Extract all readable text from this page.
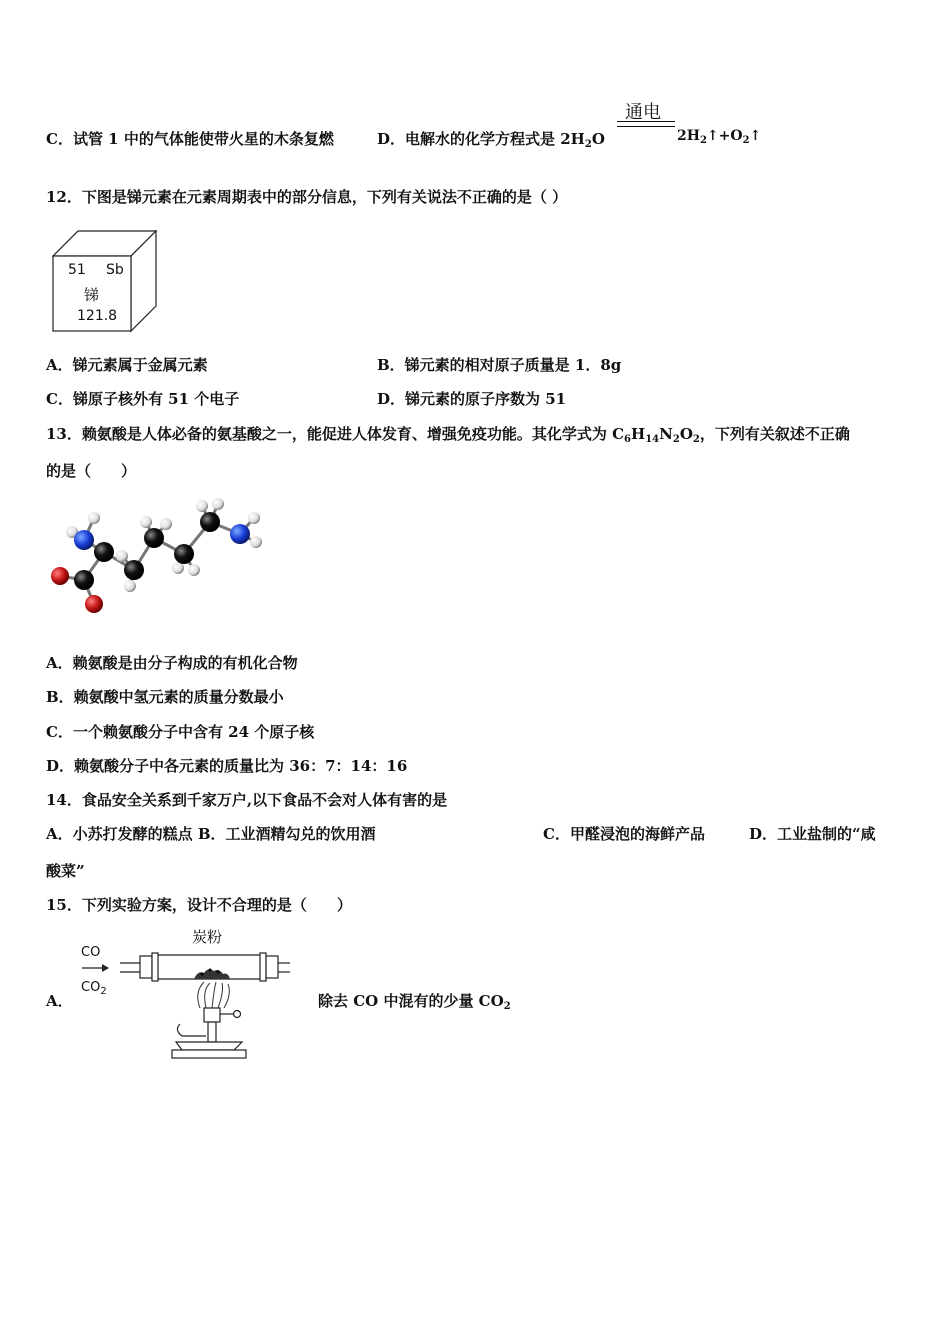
C．试管 1 中的气体能使带火星的木条复燃	D．电解水的化学方程式是 $2H_2O$
通电
$2H_2↑+O_2↑$
12．下图是锑元素在元素周期表中的部分信息，下列有关说法不正确的是（ ）
51 Sb
锑
121.8
A．锑元素属于金属元素	B．锑元素的相对原子质量是 1．8g
C．锑原子核外有 51 个电子	D．锑元素的原子序数为 51
13．赖氨酸是人体必备的氨基酸之一，能促进人体发育、增强免疫功能。其化学式为 $C_6H_{14}N_2O_2$，下列有关叙述不正确
的是（　　）
A．赖氨酸是由分子构成的有机化合物
B．赖氨酸中氢元素的质量分数最小
C．一个赖氨酸分子中含有 24 个原子核
D．赖氨酸分子中各元素的质量比为 36：7：14：16
14．食品安全关系到千家万户,以下食品不会对人体有害的是
A．小苏打发酵的糕点 B．工业酒精勾兑的饮用酒	C．甲醛浸泡的海鲜产品	D．工业盐制的“咸
酸菜”
15．下列实验方案，设计不合理的是（　　）
A．
炭粉
CO
$CO_2$
除去 CO 中混有的少量 $CO_2$
